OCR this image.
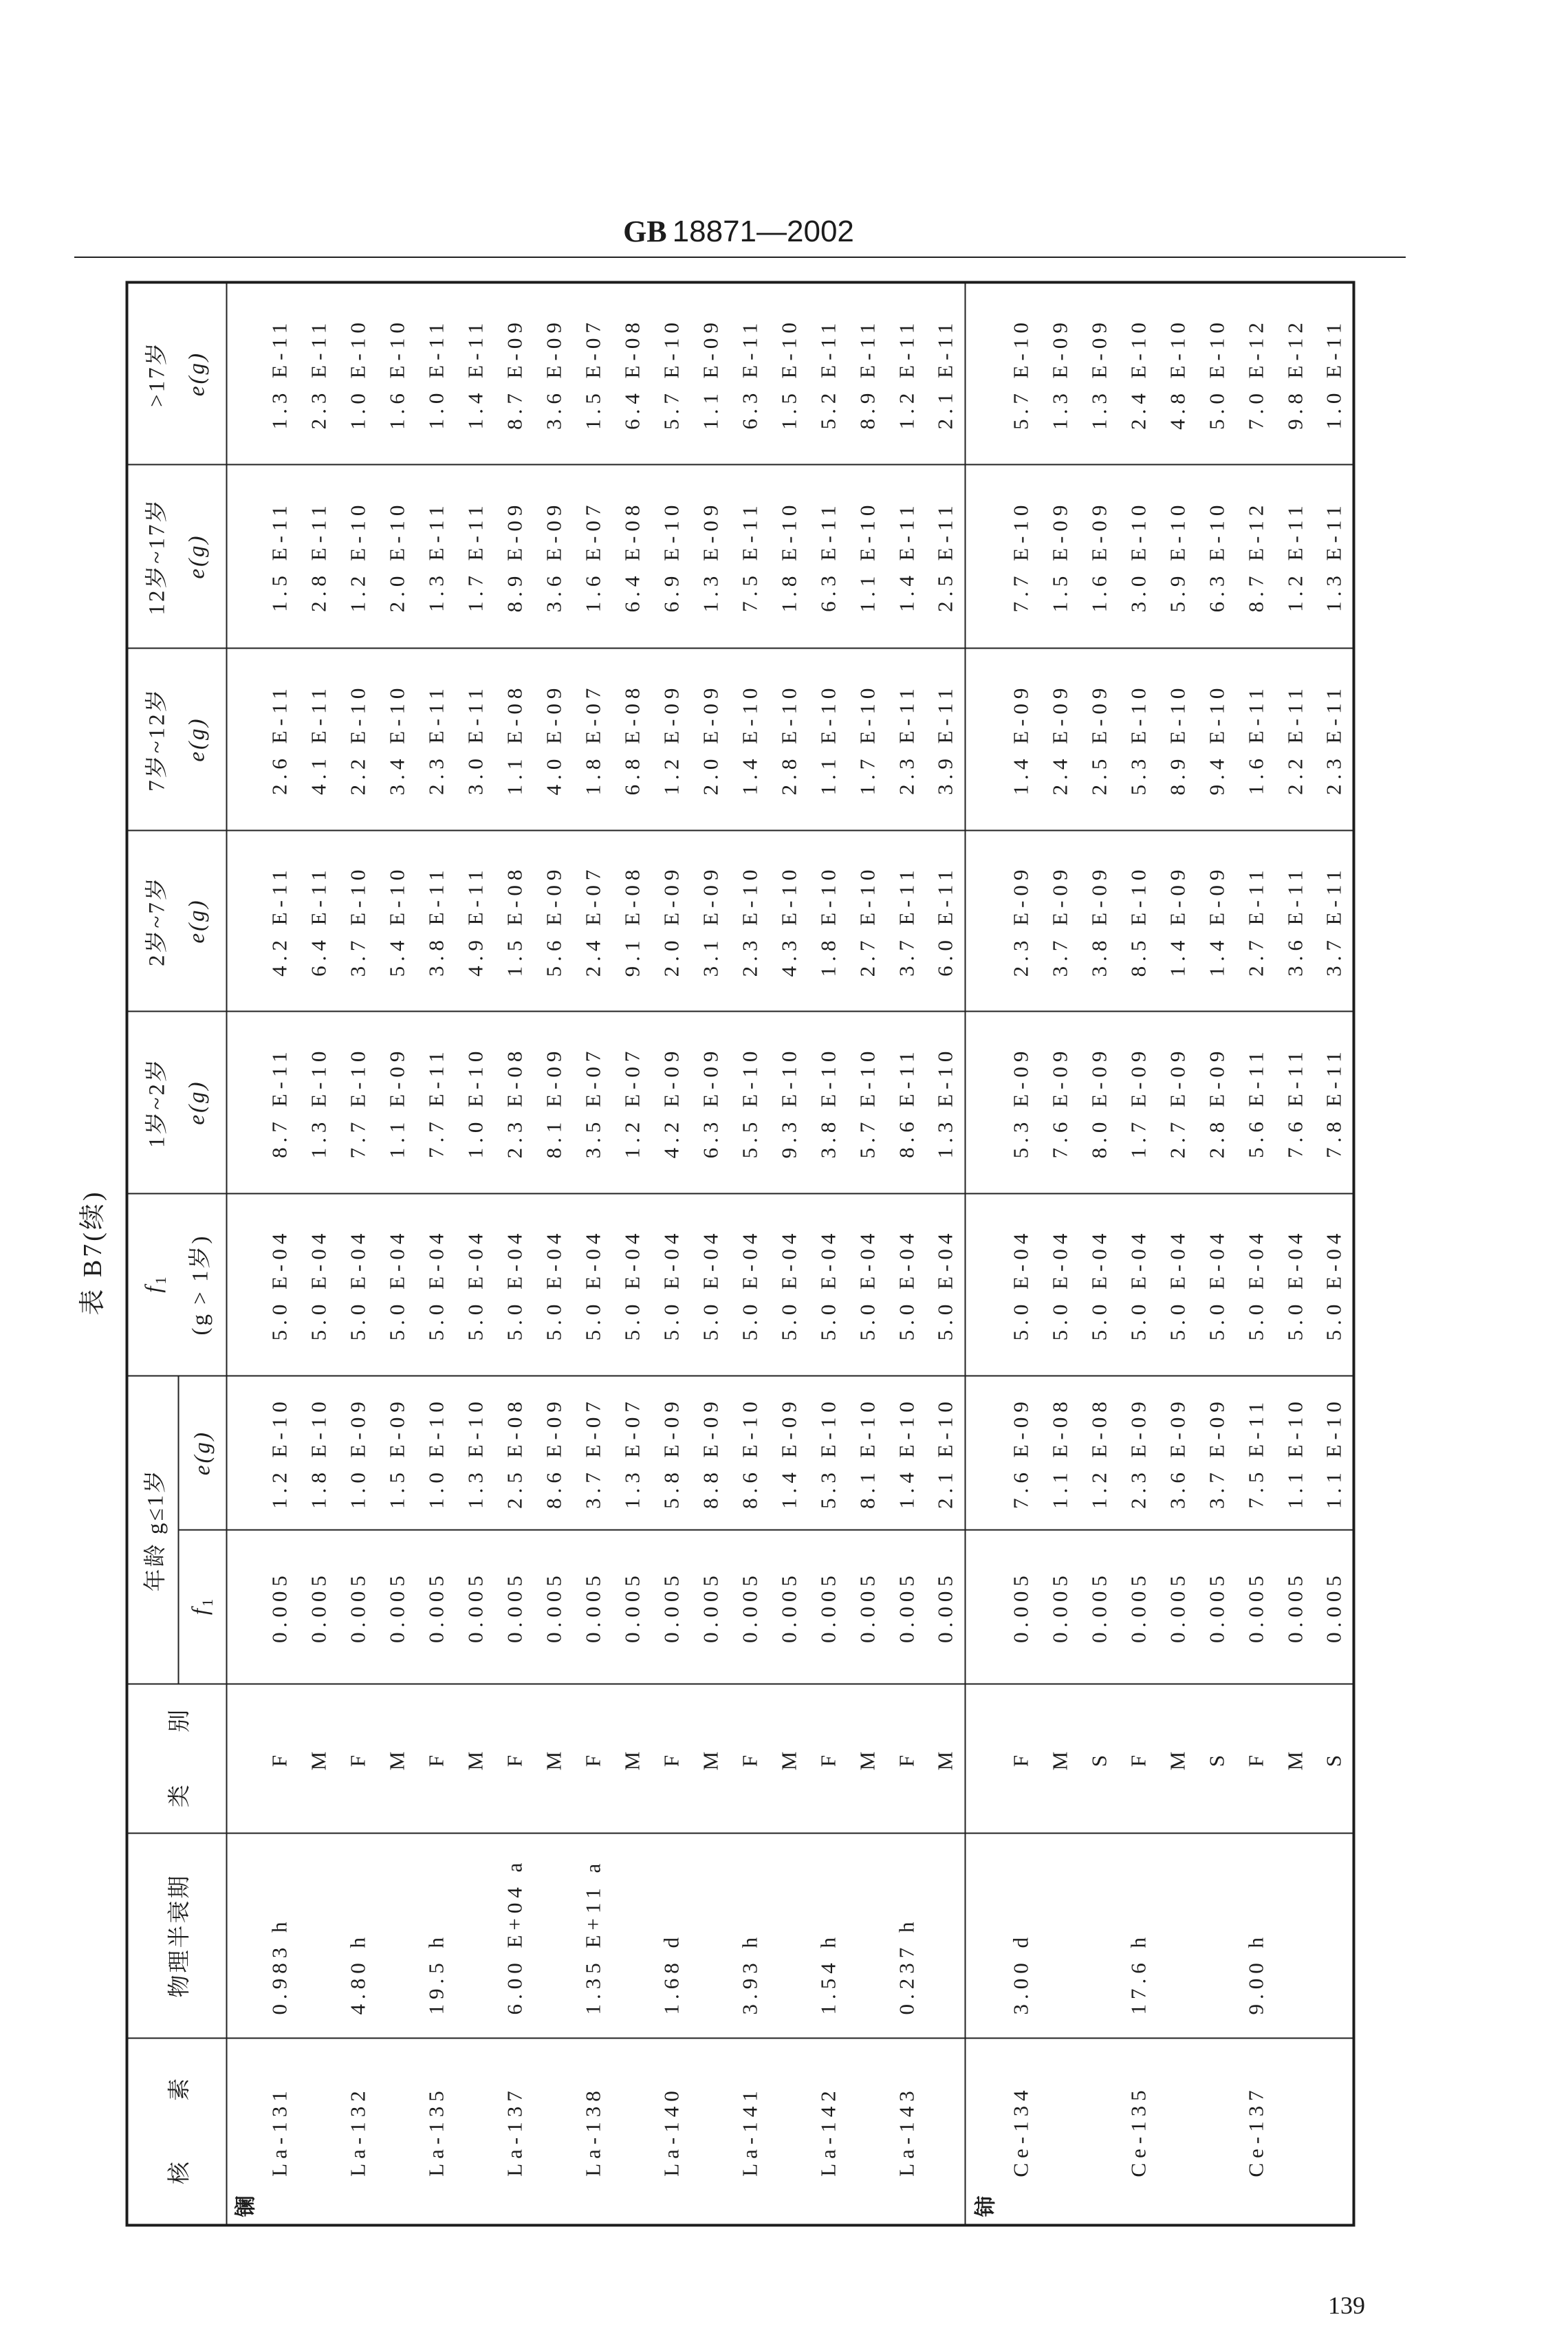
GB 18871—2002
表 B7(续)
核 素	物理半衰期	类 别	年龄 g≤1岁		$f_1$ (g > 1岁)	1岁~2岁 e(g)	2岁~7岁 e(g)	7岁~12岁 e(g)	12岁~17岁 e(g)	>17岁 e(g)

			$f_1$	e(g)						
镧										
La-131	0.983 h	F	0.005	1.2 E-10	5.0 E-04	8.7 E-11	4.2 E-11	2.6 E-11	1.5 E-11	1.3 E-11
		M	0.005	1.8 E-10	5.0 E-04	1.3 E-10	6.4 E-11	4.1 E-11	2.8 E-11	2.3 E-11
La-132	4.80 h	F	0.005	1.0 E-09	5.0 E-04	7.7 E-10	3.7 E-10	2.2 E-10	1.2 E-10	1.0 E-10
		M	0.005	1.5 E-09	5.0 E-04	1.1 E-09	5.4 E-10	3.4 E-10	2.0 E-10	1.6 E-10
La-135	19.5 h	F	0.005	1.0 E-10	5.0 E-04	7.7 E-11	3.8 E-11	2.3 E-11	1.3 E-11	1.0 E-11
		M	0.005	1.3 E-10	5.0 E-04	1.0 E-10	4.9 E-11	3.0 E-11	1.7 E-11	1.4 E-11
La-137	6.00 E+04 a	F	0.005	2.5 E-08	5.0 E-04	2.3 E-08	1.5 E-08	1.1 E-08	8.9 E-09	8.7 E-09
		M	0.005	8.6 E-09	5.0 E-04	8.1 E-09	5.6 E-09	4.0 E-09	3.6 E-09	3.6 E-09
La-138	1.35 E+11 a	F	0.005	3.7 E-07	5.0 E-04	3.5 E-07	2.4 E-07	1.8 E-07	1.6 E-07	1.5 E-07
		M	0.005	1.3 E-07	5.0 E-04	1.2 E-07	9.1 E-08	6.8 E-08	6.4 E-08	6.4 E-08
La-140	1.68 d	F	0.005	5.8 E-09	5.0 E-04	4.2 E-09	2.0 E-09	1.2 E-09	6.9 E-10	5.7 E-10
		M	0.005	8.8 E-09	5.0 E-04	6.3 E-09	3.1 E-09	2.0 E-09	1.3 E-09	1.1 E-09
La-141	3.93 h	F	0.005	8.6 E-10	5.0 E-04	5.5 E-10	2.3 E-10	1.4 E-10	7.5 E-11	6.3 E-11
		M	0.005	1.4 E-09	5.0 E-04	9.3 E-10	4.3 E-10	2.8 E-10	1.8 E-10	1.5 E-10
La-142	1.54 h	F	0.005	5.3 E-10	5.0 E-04	3.8 E-10	1.8 E-10	1.1 E-10	6.3 E-11	5.2 E-11
		M	0.005	8.1 E-10	5.0 E-04	5.7 E-10	2.7 E-10	1.7 E-10	1.1 E-10	8.9 E-11
La-143	0.237 h	F	0.005	1.4 E-10	5.0 E-04	8.6 E-11	3.7 E-11	2.3 E-11	1.4 E-11	1.2 E-11
		M	0.005	2.1 E-10	5.0 E-04	1.3 E-10	6.0 E-11	3.9 E-11	2.5 E-11	2.1 E-11
铈										
Ce-134	3.00 d	F	0.005	7.6 E-09	5.0 E-04	5.3 E-09	2.3 E-09	1.4 E-09	7.7 E-10	5.7 E-10
		M	0.005	1.1 E-08	5.0 E-04	7.6 E-09	3.7 E-09	2.4 E-09	1.5 E-09	1.3 E-09
		S	0.005	1.2 E-08	5.0 E-04	8.0 E-09	3.8 E-09	2.5 E-09	1.6 E-09	1.3 E-09
Ce-135	17.6 h	F	0.005	2.3 E-09	5.0 E-04	1.7 E-09	8.5 E-10	5.3 E-10	3.0 E-10	2.4 E-10
		M	0.005	3.6 E-09	5.0 E-04	2.7 E-09	1.4 E-09	8.9 E-10	5.9 E-10	4.8 E-10
		S	0.005	3.7 E-09	5.0 E-04	2.8 E-09	1.4 E-09	9.4 E-10	6.3 E-10	5.0 E-10
Ce-137	9.00 h	F	0.005	7.5 E-11	5.0 E-04	5.6 E-11	2.7 E-11	1.6 E-11	8.7 E-12	7.0 E-12
		M	0.005	1.1 E-10	5.0 E-04	7.6 E-11	3.6 E-11	2.2 E-11	1.2 E-11	9.8 E-12
		S	0.005	1.1 E-10	5.0 E-04	7.8 E-11	3.7 E-11	2.3 E-11	1.3 E-11	1.0 E-11
139
